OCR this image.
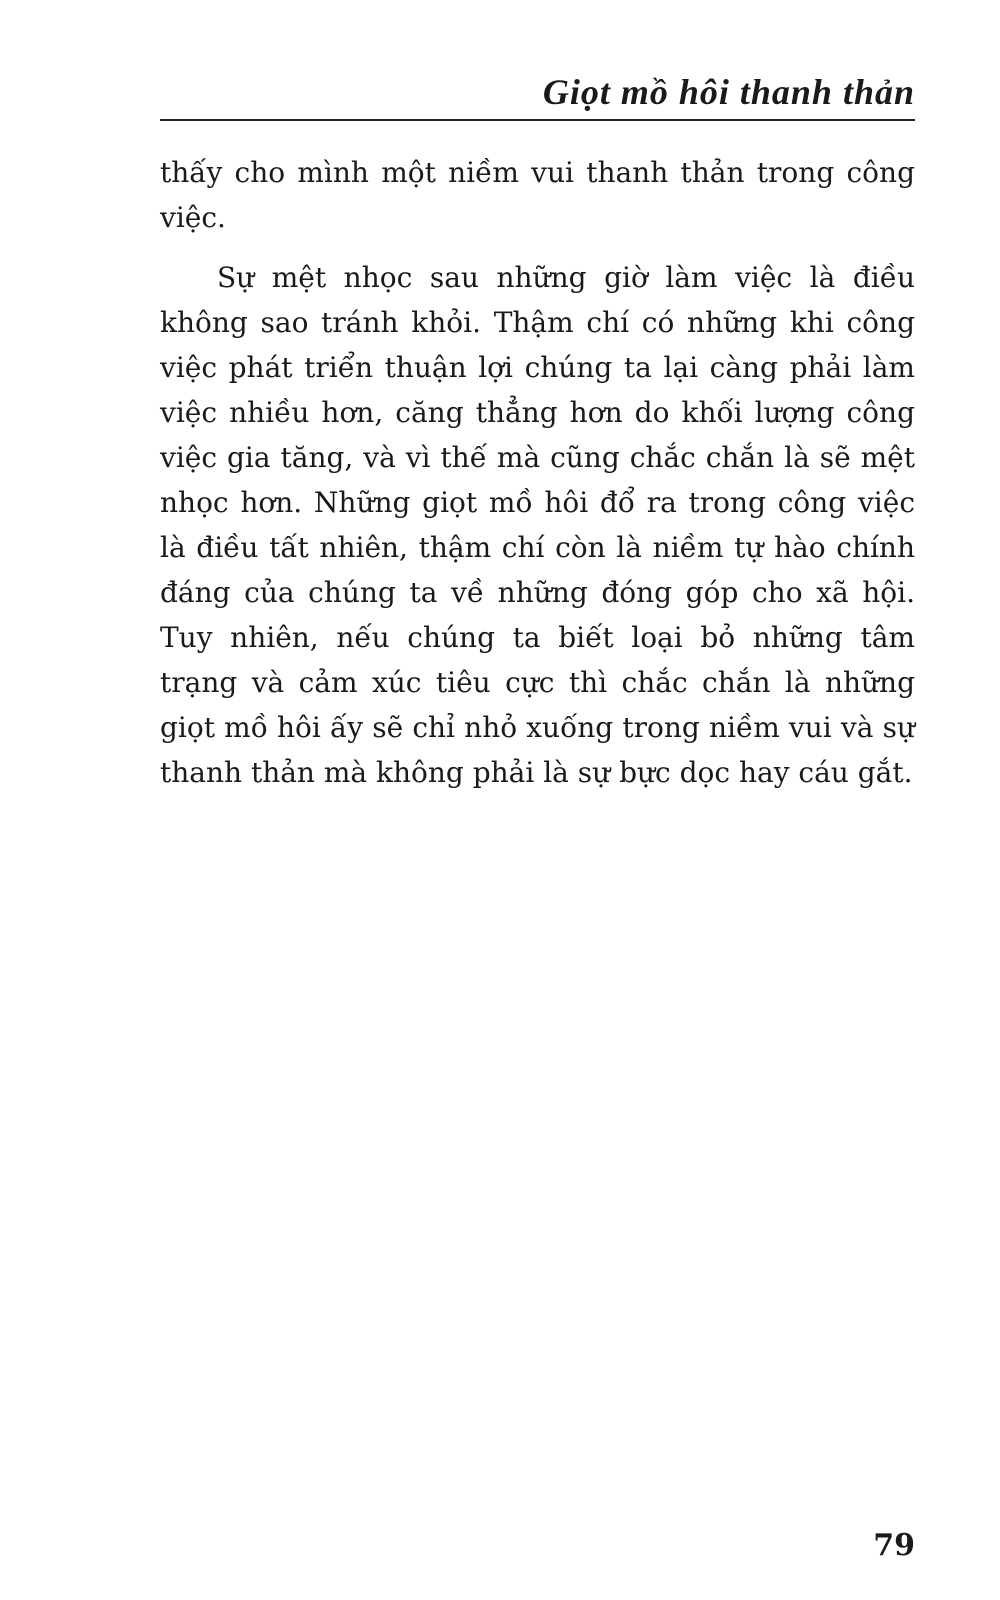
Giọt mồ hôi thanh thản

thấy cho mình một niềm vui thanh thản trong công việc.

Sự mệt nhọc sau những giờ làm việc là điều không sao tránh khỏi. Thậm chí có những khi công việc phát triển thuận lợi chúng ta lại càng phải làm việc nhiều hơn, căng thẳng hơn do khối lượng công việc gia tăng, và vì thế mà cũng chắc chắn là sẽ mệt nhọc hơn. Những giọt mồ hôi đổ ra trong công việc là điều tất nhiên, thậm chí còn là niềm tự hào chính đáng của chúng ta về những đóng góp cho xã hội. Tuy nhiên, nếu chúng ta biết loại bỏ những tâm trạng và cảm xúc tiêu cực thì chắc chắn là những giọt mồ hôi ấy sẽ chỉ nhỏ xuống trong niềm vui và sự thanh thản mà không phải là sự bực dọc hay cáu gắt.

79
